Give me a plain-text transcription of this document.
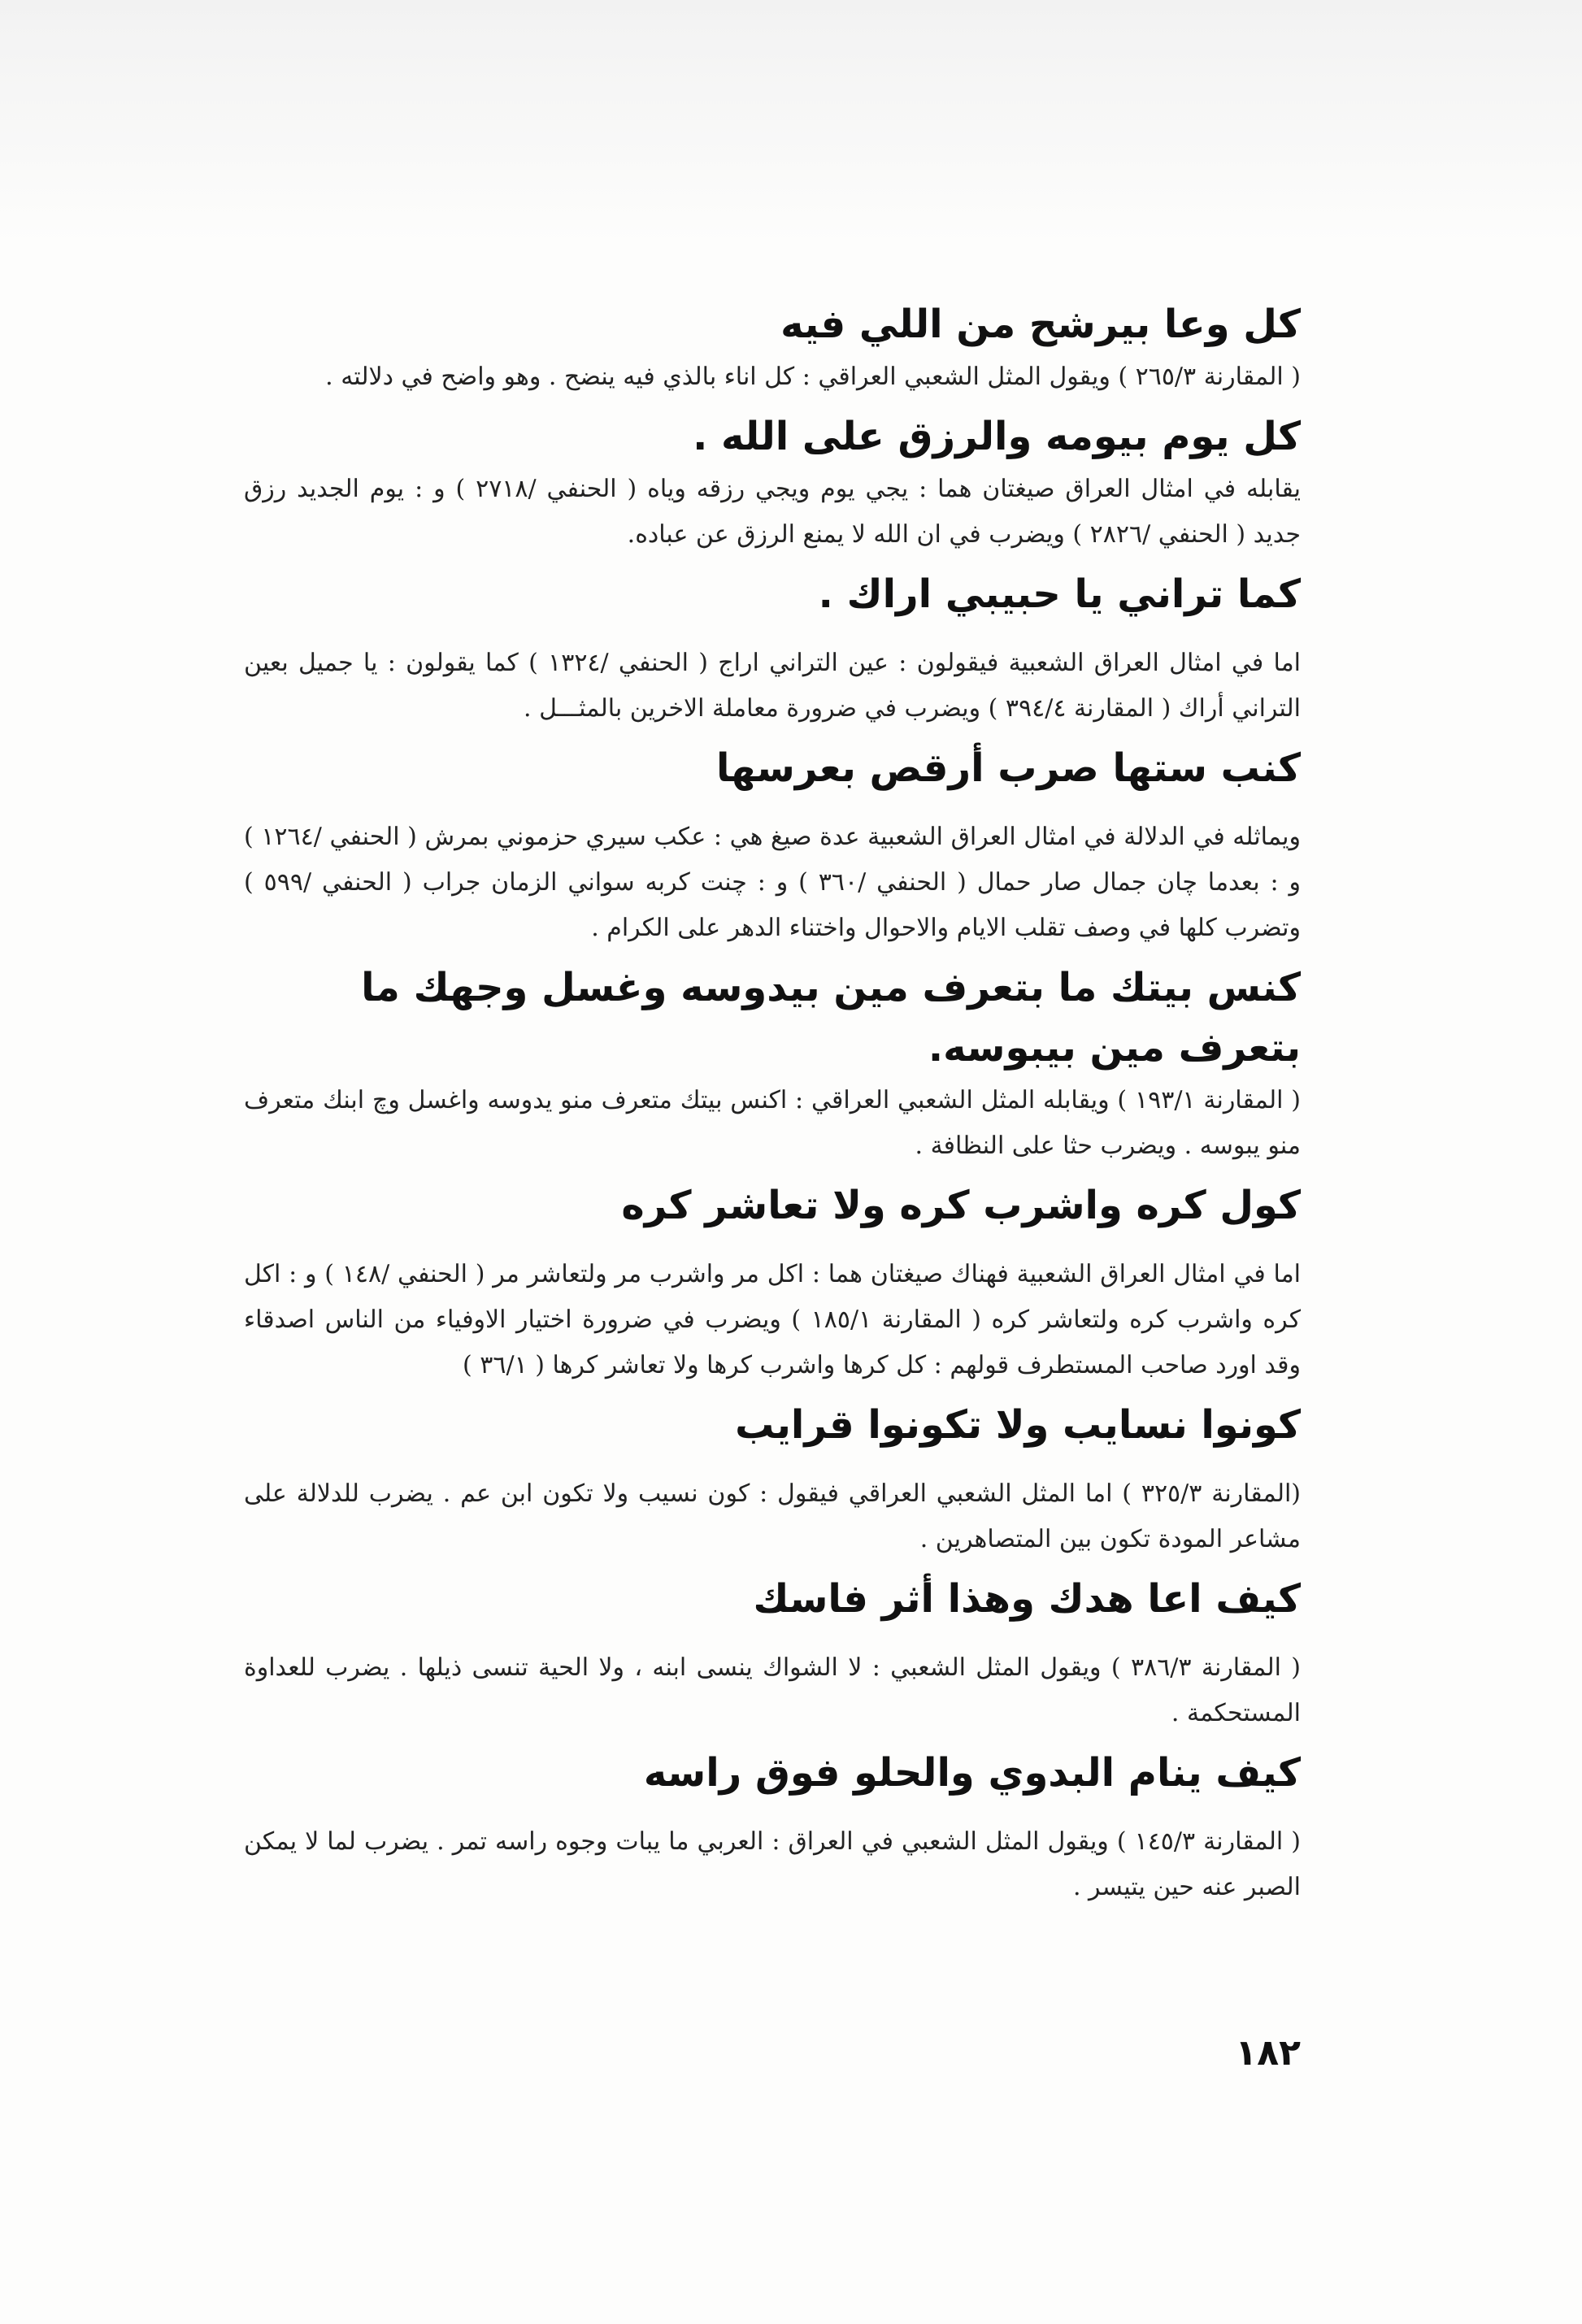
كل وعا بيرشح من اللي فيه

( المقارنة ٢٦٥/٣ ) ويقول المثل الشعبي العراقي : كل اناء بالذي فيه ينضح . وهو واضح في دلالته .

كل يوم بيومه والرزق على الله .

يقابله في امثال العراق صيغتان هما : يجي يوم ويجي رزقه وياه ( الحنفي /٢٧١٨ ) و : يوم الجديد رزق جديد ( الحنفي /٢٨٢٦ ) ويضرب في ان الله لا يمنع الرزق عن عباده.

كما تراني يا حبيبي اراك .

اما في امثال العراق الشعبية فيقولون : عين التراني اراج ( الحنفي /١٣٢٤ ) كما يقولون : يا جميل بعين التراني أراك ( المقارنة ٣٩٤/٤ ) ويضرب في ضرورة معاملة الاخرين بالمثـــل .

كنب ستها صرب أرقص بعرسها

ويماثله في الدلالة في امثال العراق الشعبية عدة صيغ هي : عكب سيري حزموني بمرش ( الحنفي /١٢٦٤ ) و : بعدما چان جمال صار حمال ( الحنفي /٣٦٠ ) و : چنت كربه سواني الزمان جراب ( الحنفي /٥٩٩ ) وتضرب كلها في وصف تقلب الايام والاحوال واختناء الدهر على الكرام .

كنس بيتك ما بتعرف مين بيدوسه وغسل وجهك ما بتعرف مين بيبوسه.

( المقارنة ١٩٣/١ ) ويقابله المثل الشعبي العراقي : اكنس بيتك متعرف منو يدوسه واغسل وچ ابنك متعرف منو يبوسه . ويضرب حثا على النظافة .

كول كره واشرب كره ولا تعاشر كره

اما في امثال العراق الشعبية فهناك صيغتان هما : اكل مر واشرب مر ولتعاشر مر ( الحنفي /١٤٨ ) و : اكل كره واشرب كره ولتعاشر كره ( المقارنة ١٨٥/١ ) ويضرب في ضرورة اختيار الاوفياء من الناس اصدقاء وقد اورد صاحب المستطرف قولهم : كل كرها واشرب كرها ولا تعاشر كرها ( ٣٦/١ )

كونوا نسايب ولا تكونوا قرايب

(المقارنة ٣٢٥/٣ ) اما المثل الشعبي العراقي فيقول : كون نسيب ولا تكون ابن عم . يضرب للدلالة على مشاعر المودة تكون بين المتصاهرين .

كيف اعا هدك وهذا أثر فاسك

( المقارنة ٣٨٦/٣ ) ويقول المثل الشعبي : لا الشواك ينسى ابنه ، ولا الحية تنسى ذيلها . يضرب للعداوة المستحكمة .

كيف ينام البدوي والحلو فوق راسه

( المقارنة ١٤٥/٣ ) ويقول المثل الشعبي في العراق : العربي ما يبات وجوه راسه تمر . يضرب لما لا يمكن الصبر عنه حين يتيسر .

١٨٢
